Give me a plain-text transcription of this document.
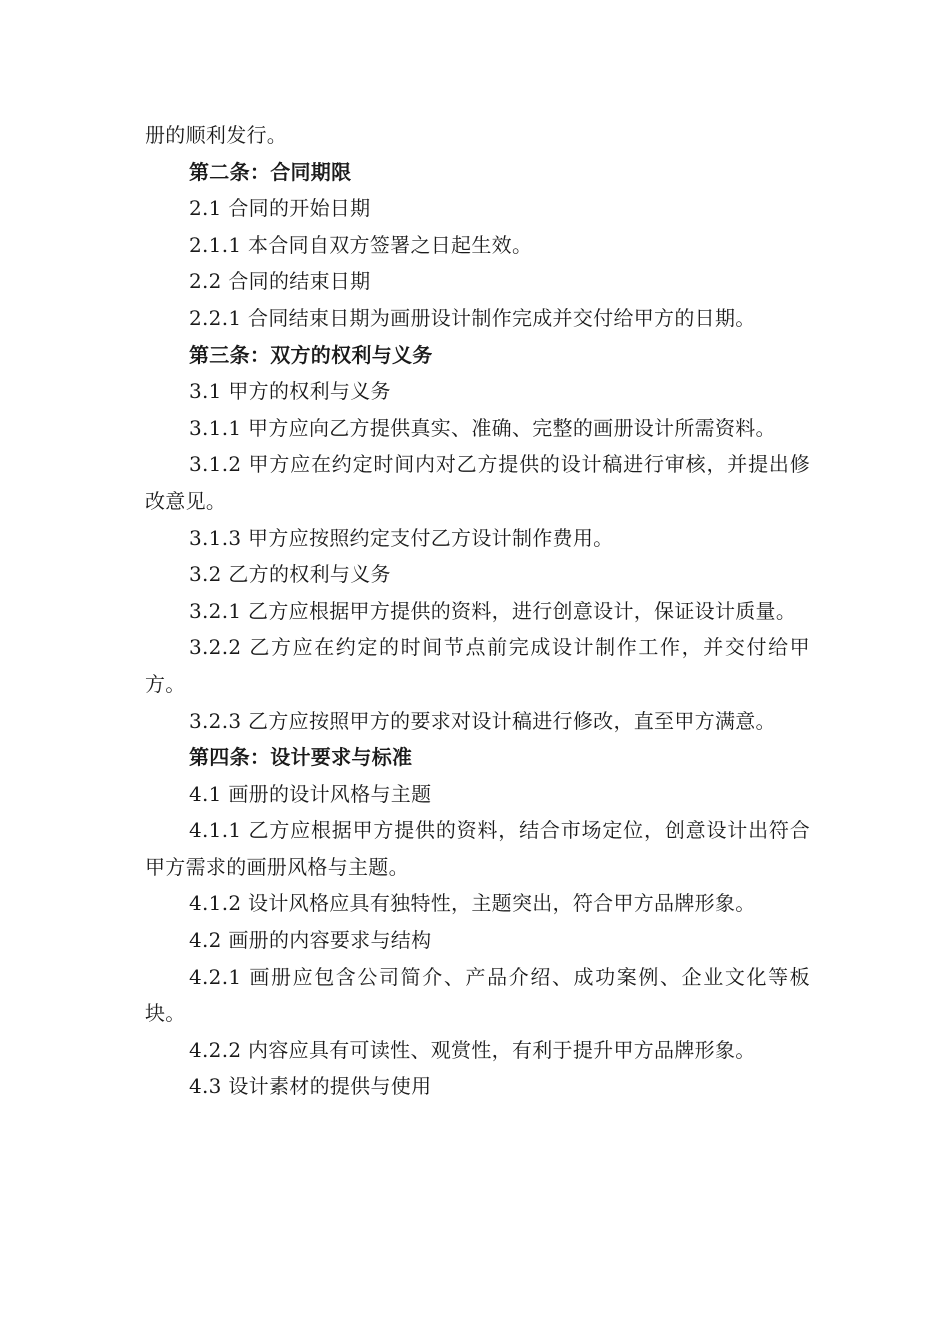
册的顺利发行。

第二条：合同期限

2.1 合同的开始日期

2.1.1 本合同自双方签署之日起生效。

2.2 合同的结束日期

2.2.1 合同结束日期为画册设计制作完成并交付给甲方的日期。

第三条：双方的权利与义务

3.1 甲方的权利与义务

3.1.1 甲方应向乙方提供真实、准确、完整的画册设计所需资料。

3.1.2 甲方应在约定时间内对乙方提供的设计稿进行审核，并提出修改意见。

3.1.3 甲方应按照约定支付乙方设计制作费用。

3.2 乙方的权利与义务

3.2.1 乙方应根据甲方提供的资料，进行创意设计，保证设计质量。

3.2.2 乙方应在约定的时间节点前完成设计制作工作，并交付给甲方。

3.2.3 乙方应按照甲方的要求对设计稿进行修改，直至甲方满意。

第四条：设计要求与标准

4.1 画册的设计风格与主题

4.1.1 乙方应根据甲方提供的资料，结合市场定位，创意设计出符合甲方需求的画册风格与主题。

4.1.2 设计风格应具有独特性，主题突出，符合甲方品牌形象。

4.2 画册的内容要求与结构

4.2.1 画册应包含公司简介、产品介绍、成功案例、企业文化等板块。

4.2.2 内容应具有可读性、观赏性，有利于提升甲方品牌形象。

4.3 设计素材的提供与使用
